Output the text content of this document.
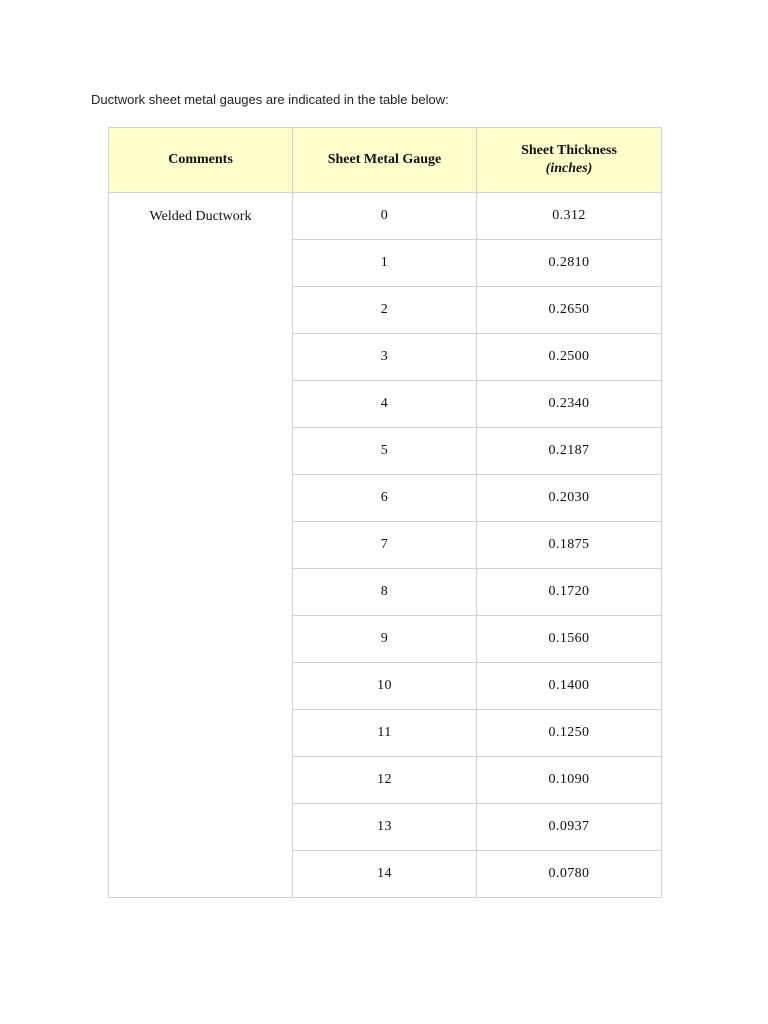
Ductwork sheet metal gauges are indicated in the table below:

Comments	Sheet Metal Gauge	Sheet Thickness
(inches)

Welded Ductwork	0	0.312
	1	0.2810
	2	0.2650
	3	0.2500
	4	0.2340
	5	0.2187
	6	0.2030
	7	0.1875
	8	0.1720
	9	0.1560
	10	0.1400
	11	0.1250
	12	0.1090
	13	0.0937
	14	0.0780
